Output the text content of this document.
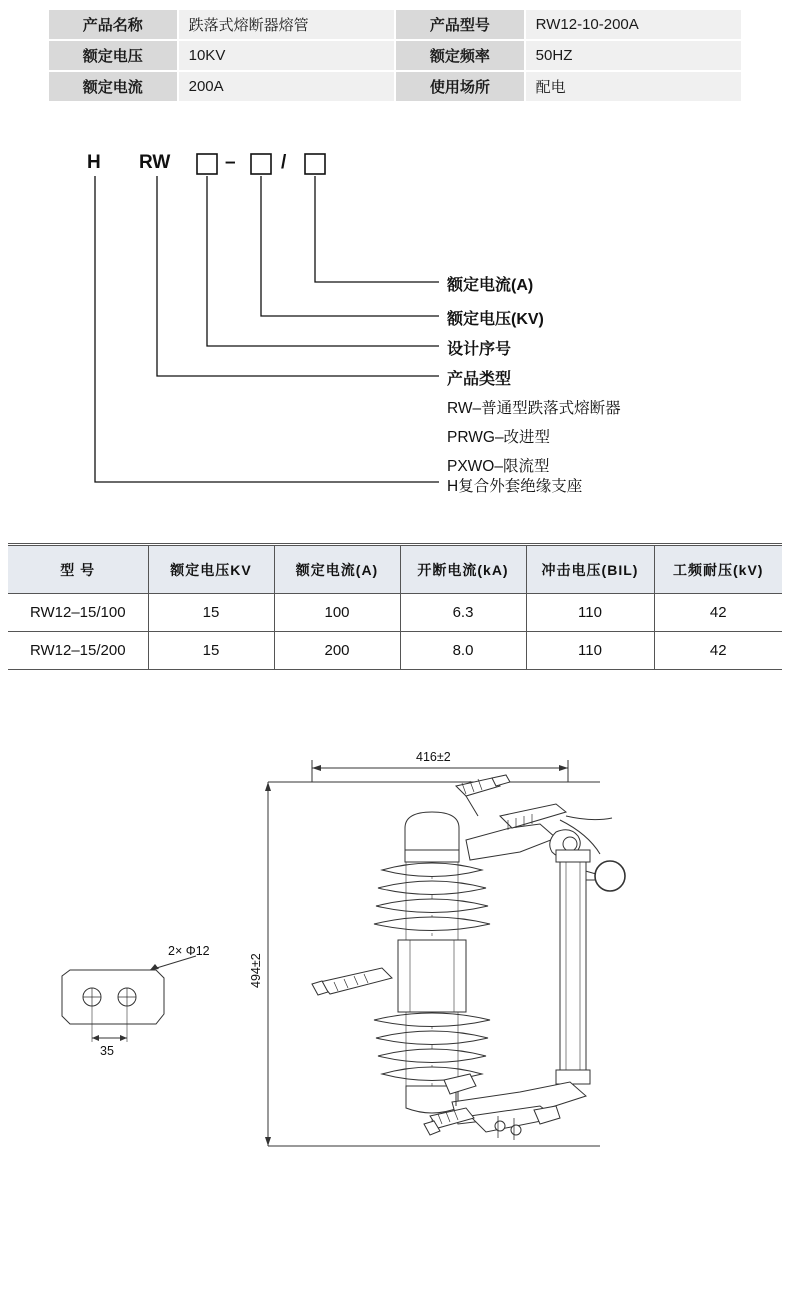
产品名称	跌落式熔断器熔管	产品型号	RW12-10-200A
额定电压	10KV	额定频率	50HZ
额定电流	200A	使用场所	配电
H RW	– /
额定电流(A)
额定电压(KV)
设计序号
产品类型
RW–普通型跌落式熔断器
PRWG–改进型
PXWO–限流型
H复合外套绝缘支座
型 号	额定电压KV	额定电流(A)	开断电流(kA)	冲击电压(BIL)	工频耐压(kV)
RW12–15/100	15	100	6.3	110	42
RW12–15/200	15	200	8.0	110	42
416±2
494±2
2× Φ12
35
